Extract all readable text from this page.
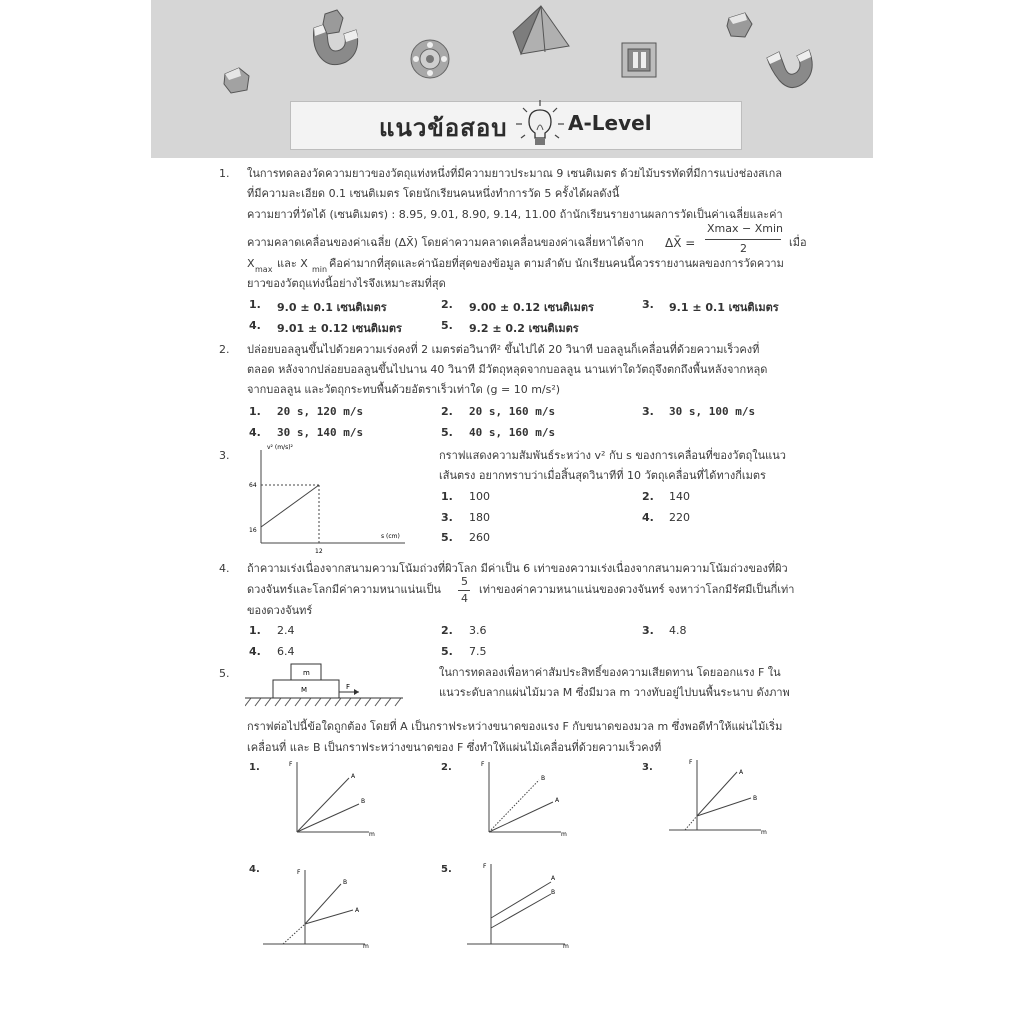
แนวข้อสอบ	A-Level
1. ในการทดลองวัดความยาวของวัตถุแท่งหนึ่งที่มีความยาวประมาณ 9 เซนติเมตร ด้วยไม้บรรทัดที่มีการแบ่งช่องสเกล
ที่มีความละเอียด 0.1 เซนติเมตร โดยนักเรียนคนหนึ่งทำการวัด 5 ครั้งได้ผลดังนี้
ความยาวที่วัดได้ (เซนติเมตร) : 8.95, 9.01, 8.90, 9.14, 11.00 ถ้านักเรียนรายงานผลการวัดเป็นค่าเฉลี่ยและค่า
ความคลาดเคลื่อนของค่าเฉลี่ย (ΔX̄) โดยค่าความคลาดเคลื่อนของค่าเฉลี่ยหาได้จาก ΔX̄ =
Xmax − Xmin
2	เมื่อ
X max และ X min คือค่ามากที่สุดและค่าน้อยที่สุดของข้อมูล ตามลำดับ นักเรียนคนนี้ควรรายงานผลของการวัดความ
ยาวของวัตถุแท่งนี้อย่างไรจึงเหมาะสมที่สุด
1. 9.0 ± 0.1 เซนติเมตร	2. 9.00 ± 0.12 เซนติเมตร	3. 9.1 ± 0.1 เซนติเมตร
4. 9.01 ± 0.12 เซนติเมตร	5. 9.2 ± 0.2 เซนติเมตร
2. ปล่อยบอลลูนขึ้นไปด้วยความเร่งคงที่ 2 เมตรต่อวินาที² ขึ้นไปได้ 20 วินาที บอลลูนก็เคลื่อนที่ด้วยความเร็วคงที่
ตลอด หลังจากปล่อยบอลลูนขึ้นไปนาน 40 วินาที มีวัตถุหลุดจากบอลลูน นานเท่าใดวัตถุจึงตกถึงพื้นหลังจากหลุด
จากบอลลูน และวัตถุกระทบพื้นด้วยอัตราเร็วเท่าใด (g = 10 m/s²)
1. 20 s, 120 m/s	2. 20 s, 160 m/s	3. 30 s, 100 m/s
4. 30 s, 140 m/s	5. 40 s, 160 m/s
3.
v² (m/s)²
s (cm)
64
16
12
กราฟแสดงความสัมพันธ์ระหว่าง v² กับ s ของการเคลื่อนที่ของวัตถุในแนว
เส้นตรง อยากทราบว่าเมื่อสิ้นสุดวินาทีที่ 10 วัตถุเคลื่อนที่ได้ทางกี่เมตร
1. 100	2. 140
3. 180	4. 220
5. 260
4. ถ้าความเร่งเนื่องจากสนามความโน้มถ่วงที่ผิวโลก มีค่าเป็น 6 เท่าของความเร่งเนื่องจากสนามความโน้มถ่วงของที่ผิว
ดวงจันทร์และโลกมีค่าความหนาแน่นเป็น
5
4
เท่าของค่าความหนาแน่นของดวงจันทร์ จงหาว่าโลกมีรัศมีเป็นกี่เท่า
ของดวงจันทร์
1. 2.4	2. 3.6	3. 4.8
4. 6.4	5. 7.5
5.	m
M	F
ในการทดลองเพื่อหาค่าสัมประสิทธิ์ของความเสียดทาน โดยออกแรง F ใน
แนวระดับลากแผ่นไม้มวล M ซึ่งมีมวล m วางทับอยู่ไปบนพื้นระนาบ ดังภาพ
กราฟต่อไปนี้ข้อใดถูกต้อง โดยที่ A เป็นกราฟระหว่างขนาดของแรง F กับขนาดของมวล m ซึ่งพอดีทำให้แผ่นไม้เริ่ม
เคลื่อนที่ และ B เป็นกราฟระหว่างขนาดของ F ซึ่งทำให้แผ่นไม้เคลื่อนที่ด้วยความเร็วคงที่
1.	F
m
A
B
2.	F
m
B
A
3.	F
m
A
B
4.	F
m
B
A
5.	F
m
A
B
